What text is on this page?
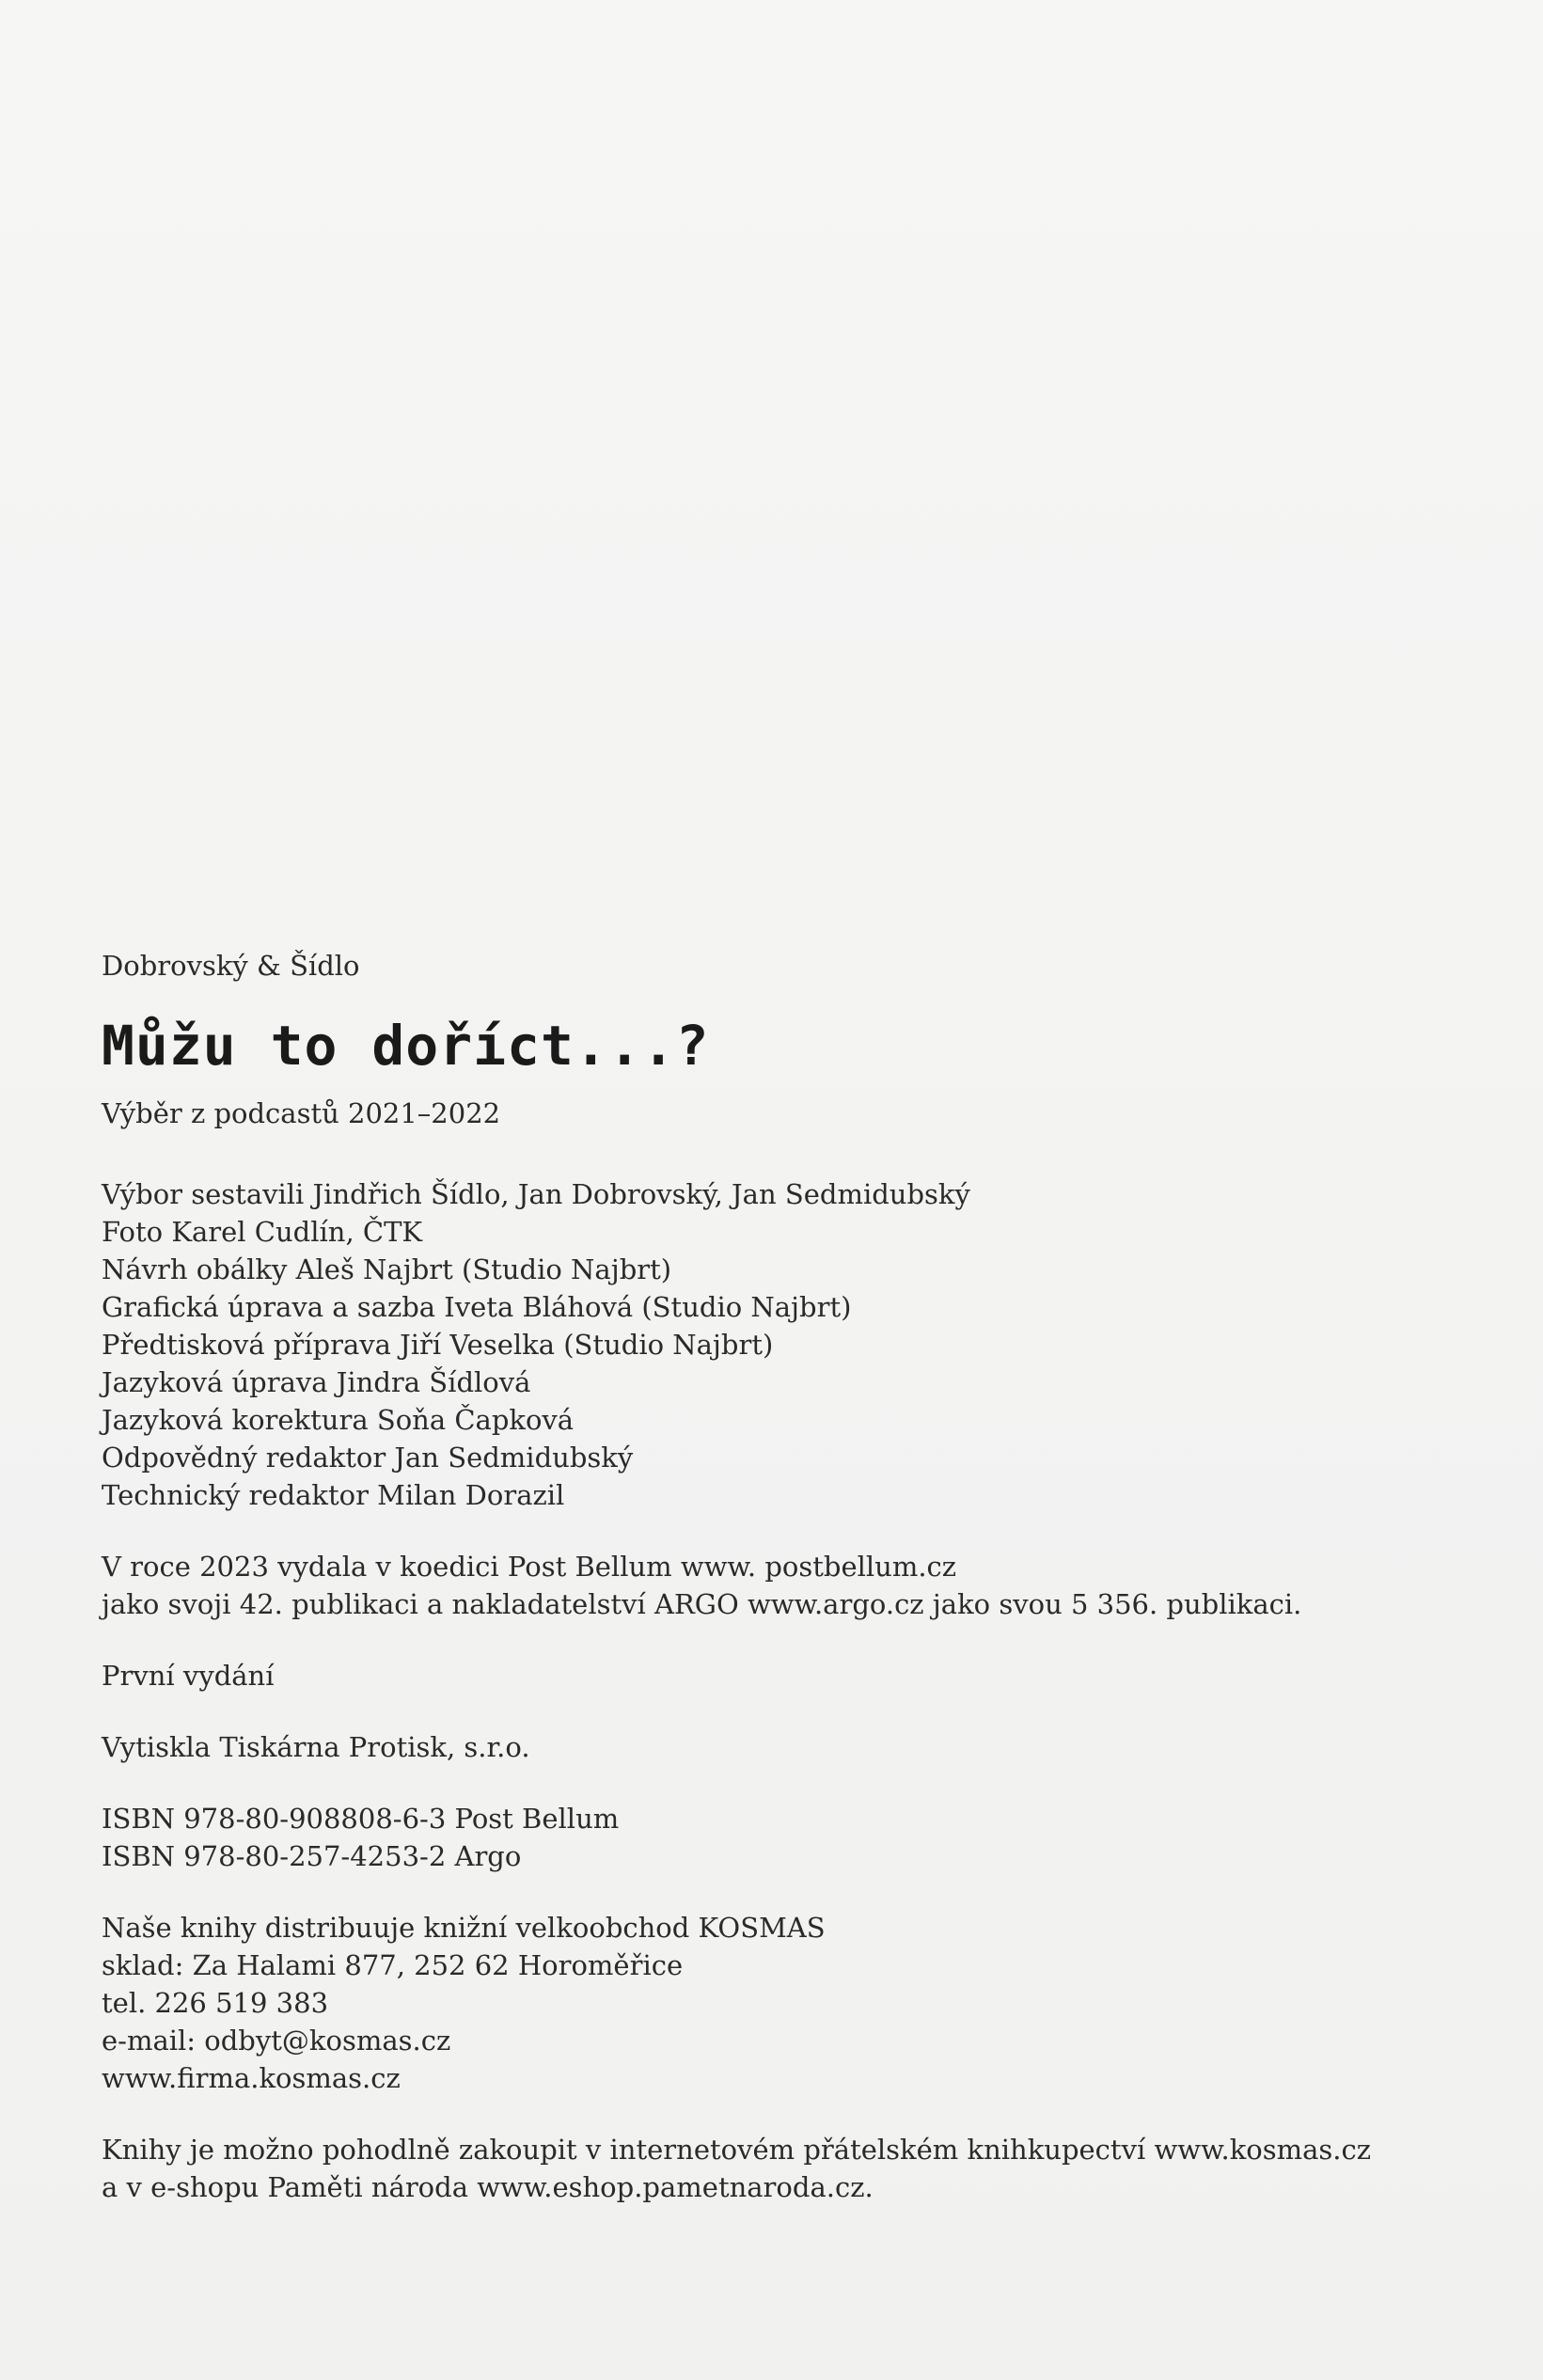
Dobrovský & Šídlo
Můžu to doříct...?
Výběr z podcastů 2021–2022
Výbor sestavili Jindřich Šídlo, Jan Dobrovský, Jan Sedmidubský
Foto Karel Cudlín, ČTK
Návrh obálky Aleš Najbrt (Studio Najbrt)
Grafická úprava a sazba Iveta Bláhová (Studio Najbrt)
Předtisková příprava Jiří Veselka (Studio Najbrt)
Jazyková úprava Jindra Šídlová
Jazyková korektura Soňa Čapková
Odpovědný redaktor Jan Sedmidubský
Technický redaktor Milan Dorazil
V roce 2023 vydala v koedici Post Bellum www. postbellum.cz
jako svoji 42. publikaci a nakladatelství ARGO www.argo.cz jako svou 5 356. publikaci.
První vydání
Vytiskla Tiskárna Protisk, s.r.o.
ISBN 978-80-908808-6-3 Post Bellum
ISBN 978-80-257-4253-2 Argo
Naše knihy distribuuje knižní velkoobchod KOSMAS
sklad: Za Halami 877, 252 62 Horoměřice
tel. 226 519 383
e-mail: odbyt@kosmas.cz
www.firma.kosmas.cz
Knihy je možno pohodlně zakoupit v internetovém přátelském knihkupectví www.kosmas.cz
a v e-shopu Paměti národa www.eshop.pametnaroda.cz.
